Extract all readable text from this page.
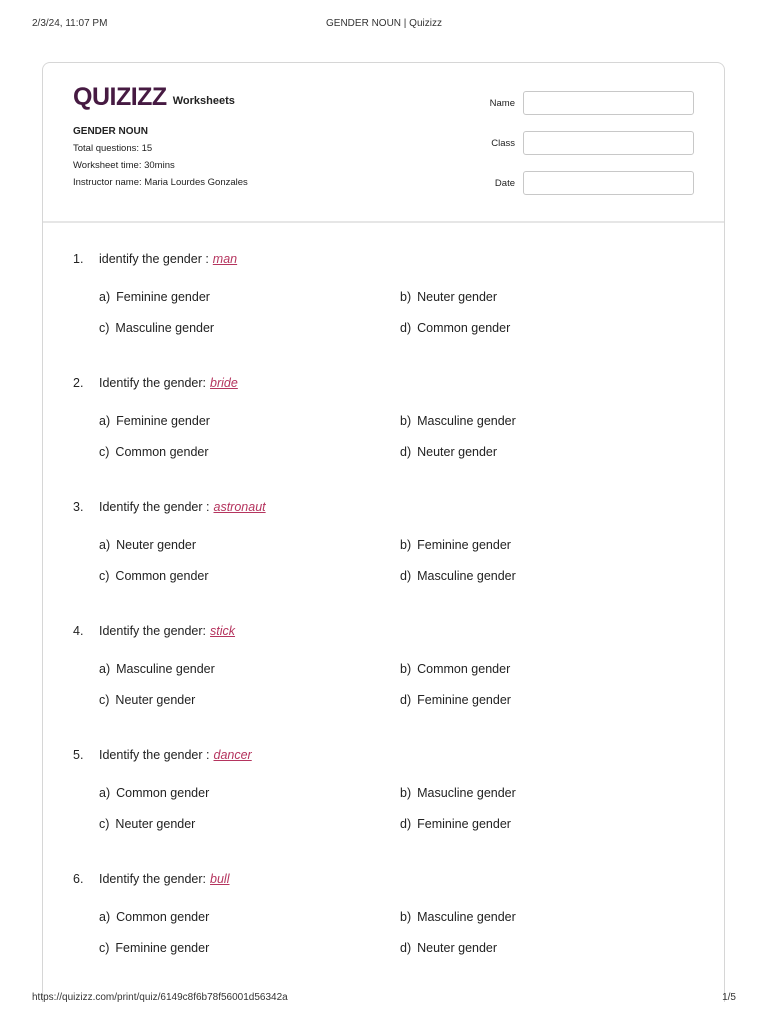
2/3/24, 11:07 PM	GENDER NOUN | Quizizz
QUIZIZZ Worksheets
GENDER NOUN
Total questions: 15
Worksheet time: 30mins
Instructor name: Maria Lourdes Gonzales
Name
Class
Date
1.	identify the gender : man
a) Feminine gender	b) Neuter gender
c) Masculine gender	d) Common gender
2.	Identify the gender: bride
a) Feminine gender	b) Masculine gender
c) Common gender	d) Neuter gender
3.	Identify the gender : astronaut
a) Neuter gender	b) Feminine gender
c) Common gender	d) Masculine gender
4.	Identify the gender: stick
a) Masculine gender	b) Common gender
c) Neuter gender	d) Feminine gender
5.	Identify the gender : dancer
a) Common gender	b) Masucline gender
c) Neuter gender	d) Feminine gender
6.	Identify the gender: bull
a) Common gender	b) Masculine gender
c) Feminine gender	d) Neuter gender
https://quizizz.com/print/quiz/6149c8f6b78f56001d56342a	1/5
